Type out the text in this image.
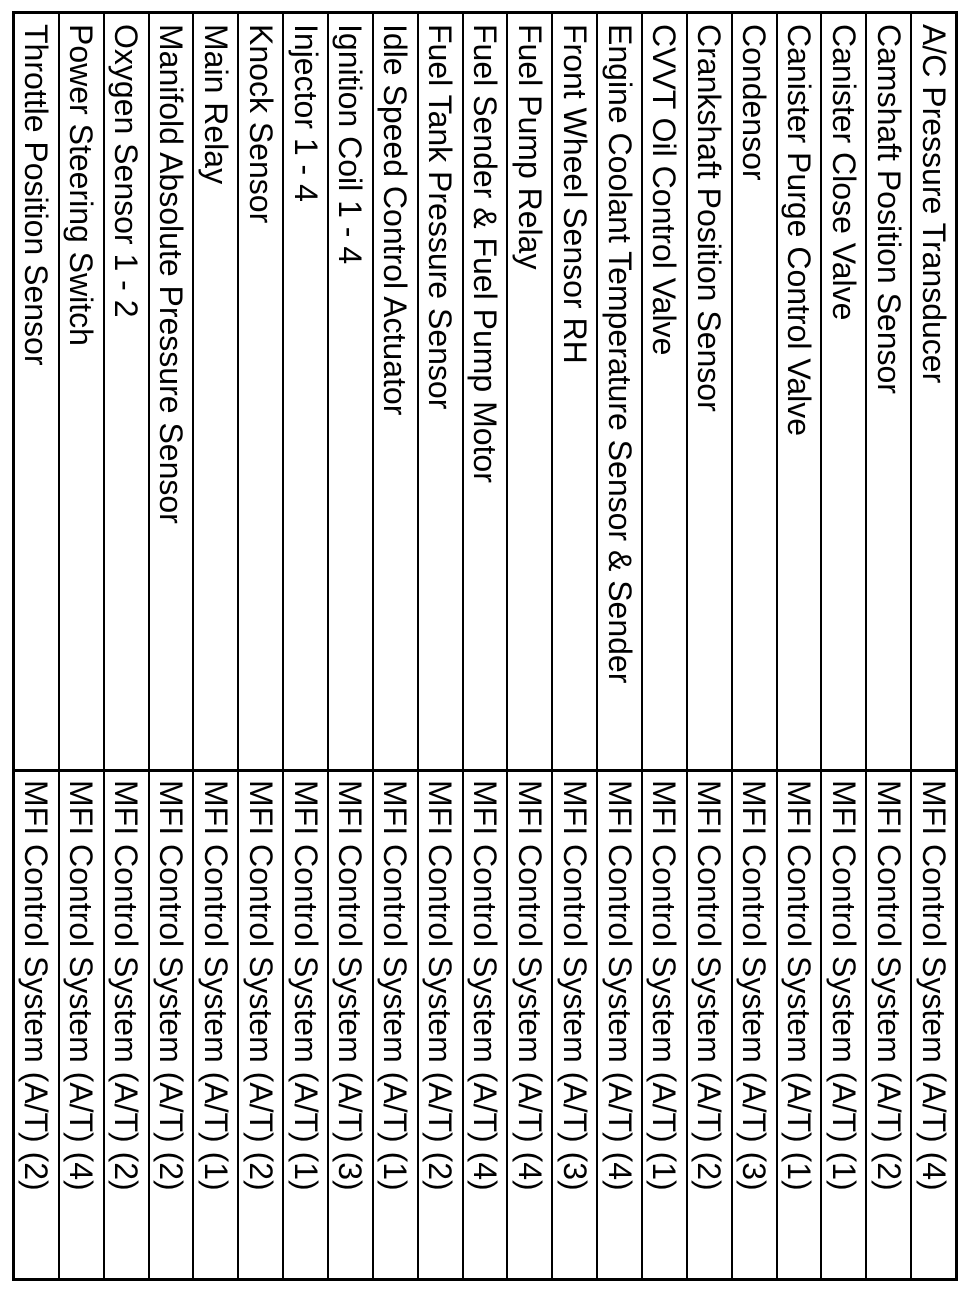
A/C Pressure Transducer
MFI Control System (A/T) (4)
Camshaft Position Sensor
MFI Control System (A/T) (2)
Canister Close Valve
MFI Control System (A/T) (1)
Canister Purge Control Valve
MFI Control System (A/T) (1)
Condensor
MFI Control System (A/T) (3)
Crankshaft Position Sensor
MFI Control System (A/T) (2)
CVVT Oil Control Valve
MFI Control System (A/T) (1)
Engine Coolant Temperature Sensor & Sender
MFI Control System (A/T) (4)
Front Wheel Sensor RH
MFI Control System (A/T) (3)
Fuel Pump Relay
MFI Control System (A/T) (4)
Fuel Sender & Fuel Pump Motor
MFI Control System (A/T) (4)
Fuel Tank Pressure Sensor
MFI Control System (A/T) (2)
Idle Speed Control Actuator
MFI Control System (A/T) (1)
Ignition Coil 1 - 4
MFI Control System (A/T) (3)
Injector 1 - 4
MFI Control System (A/T) (1)
Knock Sensor
MFI Control System (A/T) (2)
Main Relay
MFI Control System (A/T) (1)
Manifold Absolute Pressure Sensor
MFI Control System (A/T) (2)
Oxygen Sensor 1 - 2
MFI Control System (A/T) (2)
Power Steering Switch
MFI Control System (A/T) (4)
Throttle Position Sensor
MFI Control System (A/T) (2)
